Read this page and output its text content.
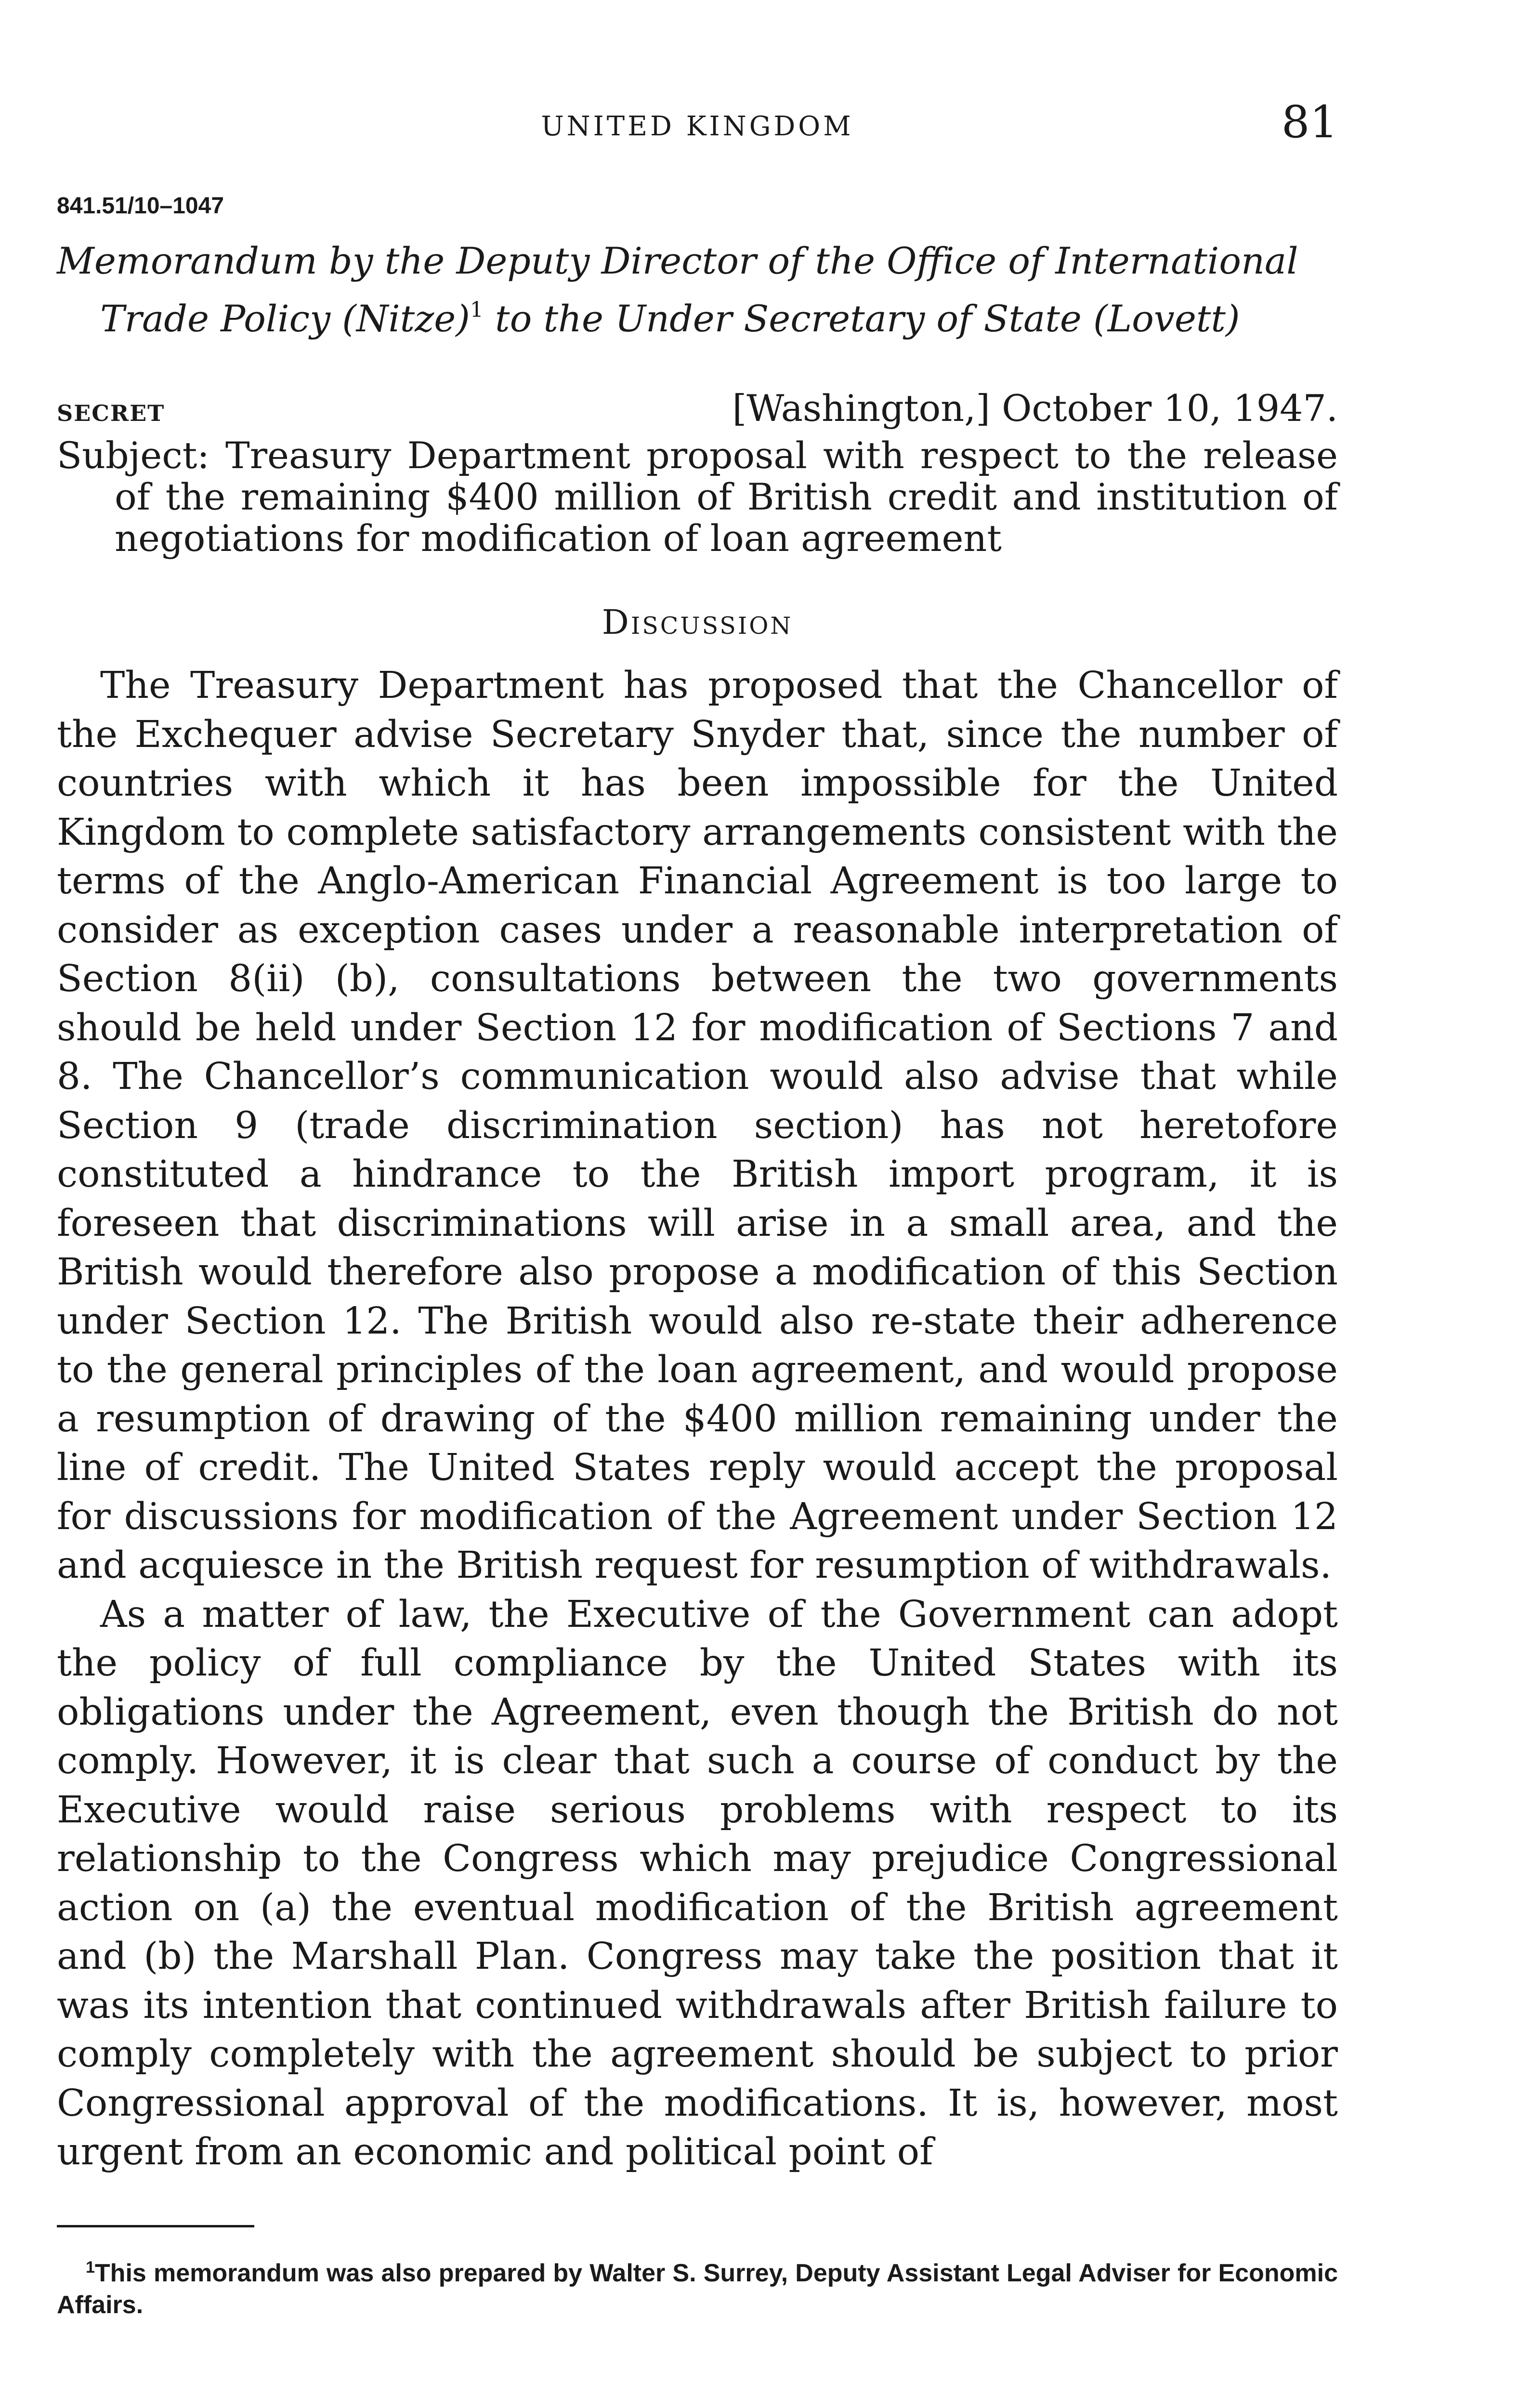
UNITED KINGDOM	81
841.51/10–1047

Memorandum by the Deputy Director of the Office of International Trade Policy (Nitze)$^1$ to the Under Secretary of State (Lovett)

SECRET	[Washington,] October 10, 1947.

Subject: Treasury Department proposal with respect to the release of the remaining $400 million of British credit and institution of negotiations for modification of loan agreement

Discussion

The Treasury Department has proposed that the Chancellor of the Exchequer advise Secretary Snyder that, since the number of countries with which it has been impossible for the United Kingdom to complete satisfactory arrangements consistent with the terms of the Anglo-American Financial Agreement is too large to consider as exception cases under a reasonable interpretation of Section 8(ii) (b), consultations between the two governments should be held under Section 12 for modification of Sections 7 and 8. The Chancellor’s communication would also advise that while Section 9 (trade discrimination section) has not heretofore constituted a hindrance to the British import program, it is foreseen that discriminations will arise in a small area, and the British would therefore also propose a modification of this Section under Section 12. The British would also re-state their adherence to the general principles of the loan agreement, and would propose a resumption of drawing of the $400 million remaining under the line of credit. The United States reply would accept the proposal for discussions for modification of the Agreement under Section 12 and acquiesce in the British request for resumption of withdrawals.

As a matter of law, the Executive of the Government can adopt the policy of full compliance by the United States with its obligations under the Agreement, even though the British do not comply. However, it is clear that such a course of conduct by the Executive would raise serious problems with respect to its relationship to the Congress which may prejudice Congressional action on (a) the eventual modification of the British agreement and (b) the Marshall Plan. Congress may take the position that it was its intention that continued withdrawals after British failure to comply completely with the agreement should be subject to prior Congressional approval of the modifications. It is, however, most urgent from an economic and political point of

$^1$This memorandum was also prepared by Walter S. Surrey, Deputy Assistant Legal Adviser for Economic Affairs.
